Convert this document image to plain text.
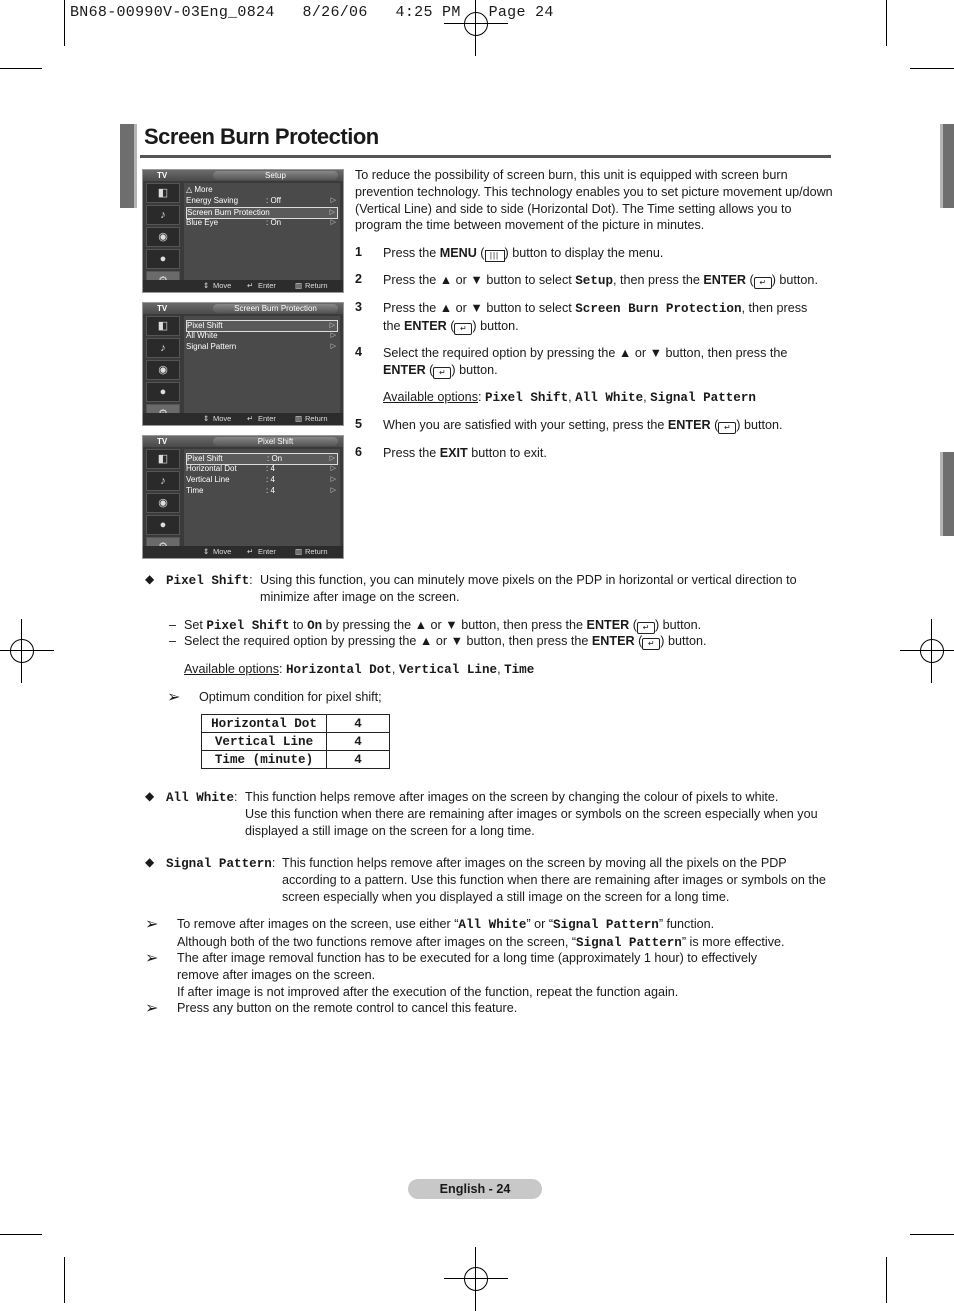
BN68-00990V-03Eng_0824   8/26/06   4:25 PM   Page 24
Screen Burn Protection
TV	Setup
◧
♪
◉
●
△ More
Energy Saving	: Off	▷
Screen Burn Protection	▷
Blue Eye	: On	▷
⇕ Move ↵ Enter	▥ Return
TV	Screen Burn Protection
◧
♪
◉
●
Pixel Shift	▷
All White	▷
Signal Pattern	▷
⇕ Move ↵ Enter	▥ Return
TV	Pixel Shift
◧
♪
◉
●
Pixel Shift	: On	▷
Horizontal Dot	: 4	▷
Vertical Line	: 4	▷
Time	: 4	▷
⇕ Move ↵ Enter	▥ Return
To reduce the possibility of screen burn, this unit is equipped with screen burn prevention technology. This technology enables you to set picture movement up/down (Vertical Line) and side to side (Horizontal Dot). The Time setting allows you to program the time between movement of the picture in minutes.
1 Press the MENU ( ||| ) button to display the menu.
2 Press the ▲ or ▼ button to select Setup, then press the ENTER ( ↵ ) button.
3 Press the ▲ or ▼ button to select Screen Burn Protection, then press
the ENTER ( ↵ ) button.
4 Select the required option by pressing the ▲ or ▼ button, then press the
ENTER ( ↵ ) button.
Available options: Pixel Shift, All White, Signal Pattern
5 When you are satisfied with your setting, press the ENTER ( ↵ ) button.
6 Press the EXIT button to exit.
◆ Pixel Shift: Using this function, you can minutely move pixels on the PDP in horizontal or vertical direction to
minimize after image on the screen.
– Set Pixel Shift to On by pressing the ▲ or ▼ button, then press the ENTER ( ↵ ) button.
– Select the required option by pressing the ▲ or ▼ button, then press the ENTER ( ↵ ) button.
Available options: Horizontal Dot, Vertical Line, Time
➢ Optimum condition for pixel shift;
Horizontal Dot	4
Vertical Line	4
Time (minute)	4
◆ All White: This function helps remove after images on the screen by changing the colour of pixels to white.
Use this function when there are remaining after images or symbols on the screen especially when you
displayed a still image on the screen for a long time.
◆ Signal Pattern: This function helps remove after images on the screen by moving all the pixels on the PDP
according to a pattern. Use this function when there are remaining after images or symbols on the
screen especially when you displayed a still image on the screen for a long time.
➢ To remove after images on the screen, use either “All White” or “Signal Pattern” function.
Although both of the two functions remove after images on the screen, “Signal Pattern” is more effective.
➢ The after image removal function has to be executed for a long time (approximately 1 hour) to effectively
remove after images on the screen.
If after image is not improved after the execution of the function, repeat the function again.
➢ Press any button on the remote control to cancel this feature.
English - 24
